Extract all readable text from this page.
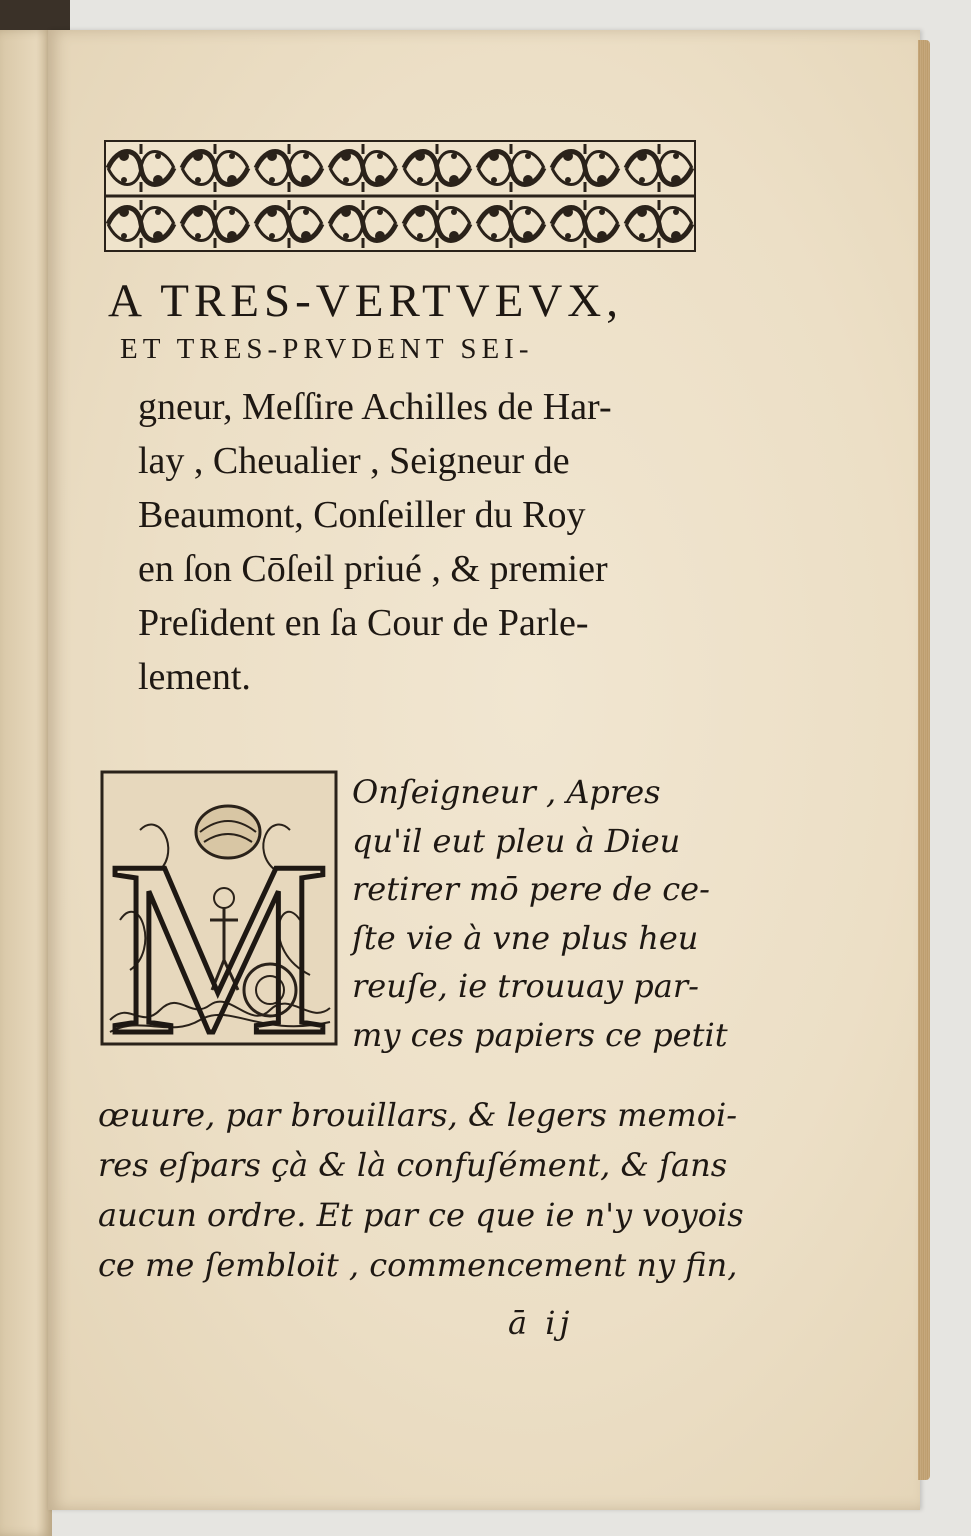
A TRES-VERTVEVX,
ET TRES-PRVDENT SEI-
gneur, Meſſire Achilles de Har-
lay , Cheualier , Seigneur de
Beaumont, Conſeiller du Roy
en ſon Cōſeil priué , & premier
Preſident en ſa Cour de Parle-
lement.
M
Onſeigneur , Apres
qu'il eut pleu à Dieu
retirer mō pere de ce-
ſte vie à vne plus heu
reuſe, ie trouuay par-
my ces papiers ce petit
œuure, par brouillars, & legers memoi-
res eſpars çà & là confuſément, & ſans
aucun ordre. Et par ce que ie n'y voyois
ce me ſembloit , commencement ny fin,
ā ij
